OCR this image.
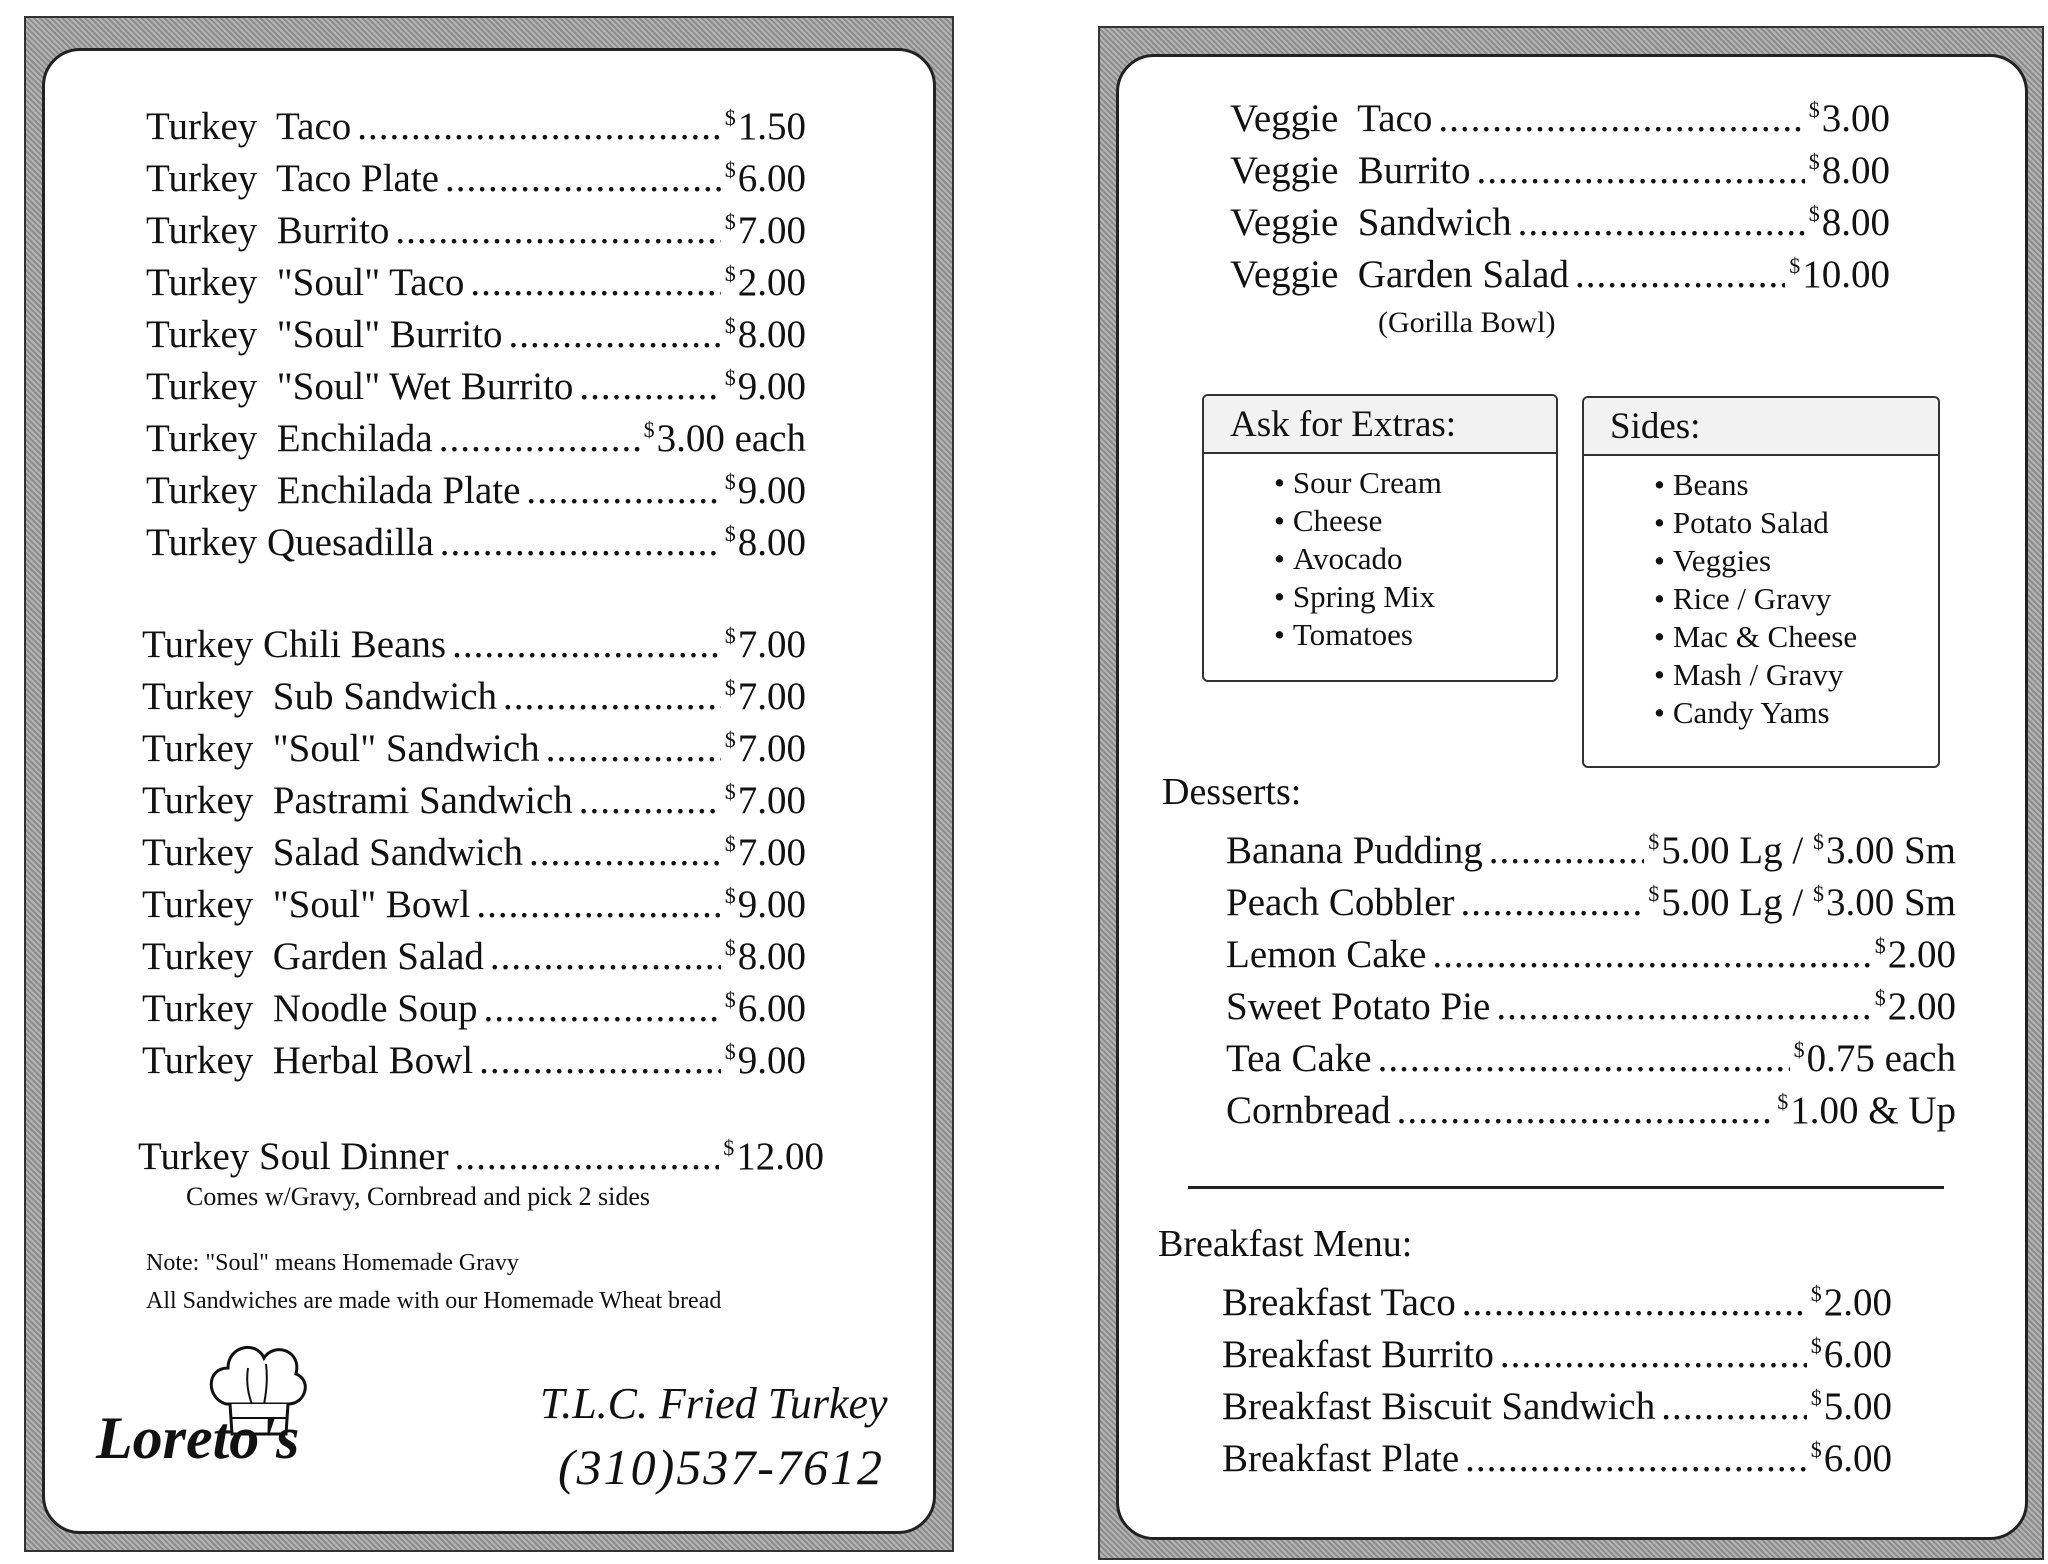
Turkey  Taco .....	$1.50
Turkey  Taco Plate .....	$6.00
Turkey  Burrito .....	$7.00
Turkey  "Soul" Taco .....	$2.00
Turkey  "Soul" Burrito .....	$8.00
Turkey  "Soul" Wet Burrito .....	$9.00
Turkey  Enchilada .....	$3.00 each
Turkey  Enchilada Plate .....	$9.00
Turkey Quesadilla .....	$8.00
Turkey Chili Beans .....	$7.00
Turkey  Sub Sandwich .....	$7.00
Turkey  "Soul" Sandwich .....	$7.00
Turkey  Pastrami Sandwich .....	$7.00
Turkey  Salad Sandwich .....	$7.00
Turkey  "Soul" Bowl .....	$9.00
Turkey  Garden Salad .....	$8.00
Turkey  Noodle Soup .....	$6.00
Turkey  Herbal Bowl .....	$9.00
Turkey Soul Dinner .....	$12.00
Comes w/Gravy, Cornbread and pick 2 sides
Note: "Soul" means Homemade Gravy
All Sandwiches are made with our Homemade Wheat bread
Loreto's
T.L.C. Fried Turkey
(310)537-7612
Veggie  Taco .....	$3.00
Veggie  Burrito .....	$8.00
Veggie  Sandwich .....	$8.00
Veggie  Garden Salad .....	$10.00
(Gorilla Bowl)
Ask for Extras:
• Sour Cream
• Cheese
• Avocado
• Spring Mix
• Tomatoes
Sides:
• Beans
• Potato Salad
• Veggies
• Rice / Gravy
• Mac & Cheese
• Mash / Gravy
• Candy Yams
Desserts:
Banana Pudding .....	$5.00 Lg / $3.00 Sm
Peach Cobbler .....	$5.00 Lg / $3.00 Sm
Lemon Cake .....	$2.00
Sweet Potato Pie .....	$2.00
Tea Cake .....	$0.75 each
Cornbread .....	$1.00 & Up
Breakfast Menu:
Breakfast Taco .....	$2.00
Breakfast Burrito .....	$6.00
Breakfast Biscuit Sandwich .....	$5.00
Breakfast Plate .....	$6.00
